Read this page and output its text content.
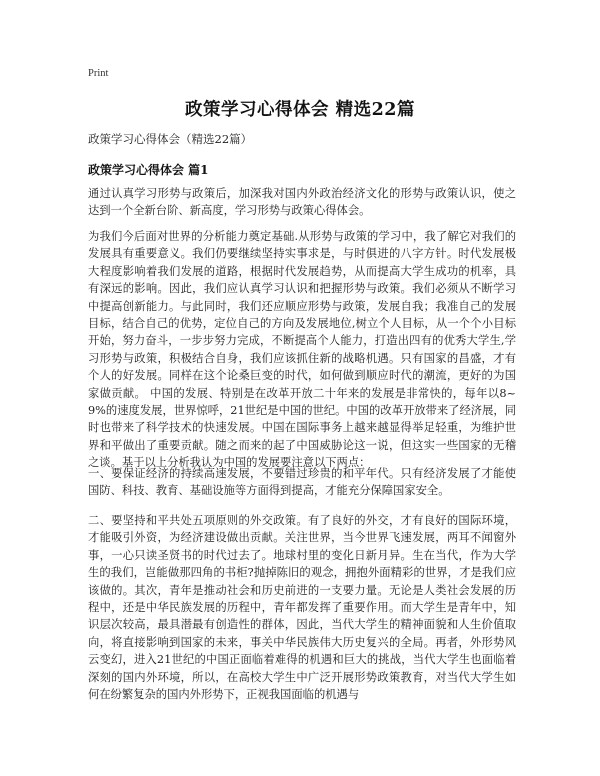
Print
政策学习心得体会 精选22篇
政策学习心得体会（精选22篇）
政策学习心得体会 篇1

通过认真学习形势与政策后，加深我对国内外政治经济文化的形势与政策认识，使之达到一个全新台阶、新高度，学习形势与政策心得体会。

为我们今后面对世界的分析能力奠定基础.从形势与政策的学习中，我了解它对我们的发展具有重要意义。我们仍要继续坚持实事求是，与时俱进的八字方针。时代发展极大程度影响着我们发展的道路，根据时代发展趋势，从而提高大学生成功的机率，具有深远的影响。因此，我们应认真学习认识和把握形势与政策。我们必须从不断学习中提高创新能力。与此同时，我们还应顺应形势与政策，发展自我；我准自己的发展目标，结合自己的优势，定位自己的方向及发展地位,树立个人目标，从一个个小目标开始，努力奋斗，一步步努力完成，不断提高个人能力，打造出四有的优秀大学生,学习形势与政策，积极结合自身，我们应该抓住新的战略机遇。只有国家的昌盛，才有个人的好发展。同样在这个论桑巨变的时代，如何做到顺应时代的潮流，更好的为国家做贡献。 中国的发展、特别是在改革开放二十年来的发展是非常快的，每年以8~9%的速度发展，世界惊呼，21世纪是中国的世纪。中国的改革开放带来了经济展，同时也带来了科学技术的快速发展。中国在国际事务上越来越显得举足轻重，为维护世界和平做出了重要贡献。随之而来的起了中国威胁论这一说，但这实一些国家的无稽之谈。基于以上分析我认为中国的发展要注意以下两点：

一、要保证经济的持续高速发展，不要错过珍贵的和平年代。只有经济发展了才能使国防、科技、教育、基础设施等方面得到提高，才能充分保障国家安全。

二、要坚持和平共处五项原则的外交政策。有了良好的外交，才有良好的国际环境，才能吸引外资，为经济建设做出贡献。关注世界，当今世界飞速发展，两耳不闻窗外事，一心只读圣贤书的时代过去了。地球村里的变化日新月异。生在当代，作为大学生的我们，岂能做那四角的书柜?抛掉陈旧的观念，拥抱外面精彩的世界，才是我们应该做的。其次，青年是推动社会和历史前进的一支要力量。无论是人类社会发展的历程中，还是中华民族发展的历程中，青年都发挥了重要作用。而大学生是青年中，知识层次较高，最具潜最有创造性的群体，因此，当代大学生的精神面貌和人生价值取向，将直接影响到国家的未来，事关中华民族伟大历史复兴的全局。再者，外形势风云变幻，进入21世纪的中国正面临着难得的机遇和巨大的挑战，当代大学生也面临着深刻的国内外环境，所以，在高校大学生中广泛开展形势政策教育，对当代大学生如何在纷繁复杂的国内外形势下，正视我国面临的机遇与
